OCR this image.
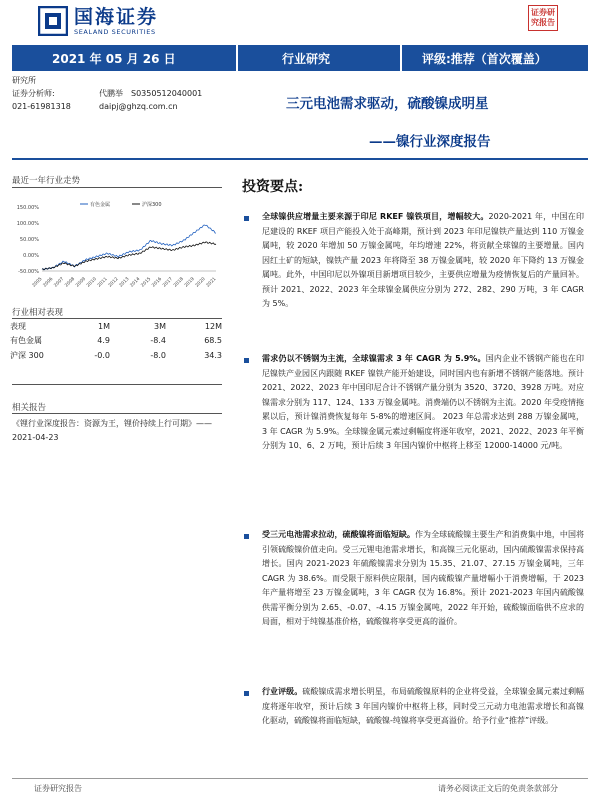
国海证券
SEALAND SECURITIES
证券研究报告
2021 年 05 月 26 日	行业研究	评级:推荐（首次覆盖）
研究所
证券分析师:	代鹏举 S0350512040001
021-61981318	daipj@ghzq.com.cn	三元电池需求驱动，硫酸镍成明星
——镍行业深度报告
最近一年行业走势
150.00%
100.00%
50.00%
0.00%
-50.00%
2005 2006 2007 2008 2009 2010 2011 2012 2013 2014 2015 2016 2017 2018 2019 2020 2021
有色金属	沪深300
行业相对表现
表现	1M	3M	12M
有色金属	4.9	-8.4	68.5
沪深 300	-0.0	-8.0	34.3
相关报告
《锂行业深度报告：资源为王，锂价持续上行可期》——2021-04-23
投资要点:
全球镍供应增量主要来源于印尼 RKEF 镍铁项目，增幅较大。2020-2021 年，中国在印尼建设的 RKEF 项目产能投入处于高峰期，预计到 2023 年印尼镍铁产量达到 110 万镍金属吨，较 2020 年增加 50 万镍金属吨，年均增速 22%，将贡献全球镍的主要增量。国内因红土矿的短缺，镍铁产量 2023 年将降至 38 万镍金属吨，较 2020 年下降约 13 万镍金属吨。此外，中国印尼以外镍项目新增项目较少，主要供应增量为疫情恢复后的产量回补。预计 2021、2022、2023 年全球镍金属供应分别为 272、282、290 万吨，3 年 CAGR 为 5%。
需求仍以不锈钢为主流，全球镍需求 3 年 CAGR 为 5.9%。国内企业不锈钢产能也在印尼镍铁产业园区内跟随 RKEF 镍铁产能开始建设，同时国内也有新增不锈钢产能落地。预计 2021、2022、2023 年中国印尼合计不锈钢产量分别为 3520、3720、3928 万吨。对应镍需求分别为 117、124、133 万镍金属吨。消费端仍以不锈钢为主流。2020 年受疫情拖累以后，预计镍消费恢复每年 5-8%的增速区间。 2023 年总需求达到 288 万镍金属吨，3 年 CAGR 为 5.9%。全球镍金属元素过剩幅度将逐年收窄，2021、2022、2023 年平衡分别为 10、6、2 万吨，预计后续 3 年国内镍价中枢将上移至 12000-14000 元/吨。
受三元电池需求拉动，硫酸镍将面临短缺。作为全球硫酸镍主要生产和消费集中地，中国将引领硫酸镍价值走向。受三元锂电池需求增长，和高镍三元化驱动，国内硫酸镍需求保持高增长。国内 2021-2023 年硫酸镍需求分别为 15.35、21.07、27.15 万镍金属吨，三年 CAGR 为 38.6%。而受限于原料供应限制，国内硫酸镍产量增幅小于消费增幅，于 2023 年产量将增至 23 万镍金属吨，3 年 CAGR 仅为 16.8%。预计 2021-2023 年国内硫酸镍供需平衡分别为 2.65、-0.07、-4.15 万镍金属吨，2022 年开始，硫酸镍面临供不应求的局面，相对于纯镍基准价格，硫酸镍将享受更高的溢价。
行业评级。硫酸镍成需求增长明星，布局硫酸镍原料的企业将受益，全球镍金属元素过剩幅度将逐年收窄，预计后续 3 年国内镍价中枢将上移，同时受三元动力电池需求增长和高镍化驱动，硫酸镍将面临短缺，硫酸镍-纯镍将享受更高溢价。给予行业“推荐”评级。
证券研究报告	请务必阅读正文后的免责条款部分
